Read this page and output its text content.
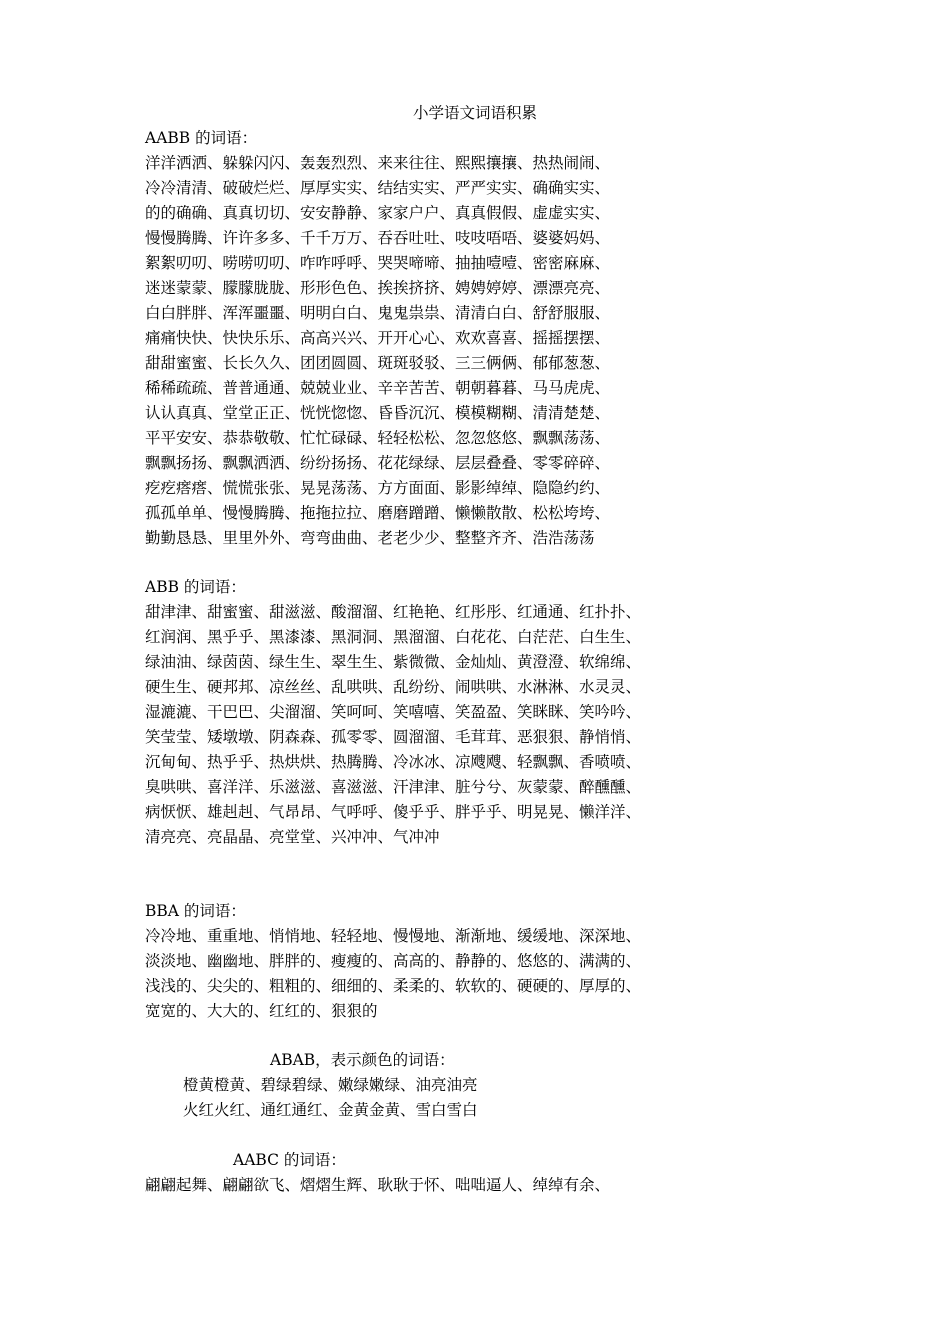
小学语文词语积累
AABB 的词语：
洋洋洒洒、躲躲闪闪、轰轰烈烈、来来往往、熙熙攘攘、热热闹闹、
冷冷清清、破破烂烂、厚厚实实、结结实实、严严实实、确确实实、
的的确确、真真切切、安安静静、家家户户、真真假假、虚虚实实、
慢慢腾腾、许许多多、千千万万、吞吞吐吐、吱吱唔唔、婆婆妈妈、
絮絮叨叨、唠唠叨叨、咋咋呼呼、哭哭啼啼、抽抽噎噎、密密麻麻、
迷迷蒙蒙、朦朦胧胧、形形色色、挨挨挤挤、娉娉婷婷、漂漂亮亮、
白白胖胖、浑浑噩噩、明明白白、鬼鬼祟祟、清清白白、舒舒服服、
痛痛快快、快快乐乐、高高兴兴、开开心心、欢欢喜喜、摇摇摆摆、
甜甜蜜蜜、长长久久、团团圆圆、斑斑驳驳、三三俩俩、郁郁葱葱、
稀稀疏疏、普普通通、兢兢业业、辛辛苦苦、朝朝暮暮、马马虎虎、
认认真真、堂堂正正、恍恍惚惚、昏昏沉沉、模模糊糊、清清楚楚、
平平安安、恭恭敬敬、忙忙碌碌、轻轻松松、忽忽悠悠、飘飘荡荡、
飘飘扬扬、飘飘洒洒、纷纷扬扬、花花绿绿、层层叠叠、零零碎碎、
疙疙瘩瘩、慌慌张张、晃晃荡荡、方方面面、影影绰绰、隐隐约约、
孤孤单单、慢慢腾腾、拖拖拉拉、磨磨蹭蹭、懒懒散散、松松垮垮、
勤勤恳恳、里里外外、弯弯曲曲、老老少少、整整齐齐、浩浩荡荡
ABB 的词语：
甜津津、甜蜜蜜、甜滋滋、酸溜溜、红艳艳、红彤彤、红通通、红扑扑、
红润润、黑乎乎、黑漆漆、黑洞洞、黑溜溜、白花花、白茫茫、白生生、
绿油油、绿茵茵、绿生生、翠生生、紫微微、金灿灿、黄澄澄、软绵绵、
硬生生、硬邦邦、凉丝丝、乱哄哄、乱纷纷、闹哄哄、水淋淋、水灵灵、
湿漉漉、干巴巴、尖溜溜、笑呵呵、笑嘻嘻、笑盈盈、笑眯眯、笑吟吟、
笑莹莹、矮墩墩、阴森森、孤零零、圆溜溜、毛茸茸、恶狠狠、静悄悄、
沉甸甸、热乎乎、热烘烘、热腾腾、冷冰冰、凉飕飕、轻飘飘、香喷喷、
臭哄哄、喜洋洋、乐滋滋、喜滋滋、汗津津、脏兮兮、灰蒙蒙、醉醺醺、
病恹恹、雄赳赳、气昂昂、气呼呼、傻乎乎、胖乎乎、明晃晃、懒洋洋、
清亮亮、亮晶晶、亮堂堂、兴冲冲、气冲冲
BBA 的词语：
冷冷地、重重地、悄悄地、轻轻地、慢慢地、渐渐地、缓缓地、深深地、
淡淡地、幽幽地、胖胖的、瘦瘦的、高高的、静静的、悠悠的、满满的、
浅浅的、尖尖的、粗粗的、细细的、柔柔的、软软的、硬硬的、厚厚的、
宽宽的、大大的、红红的、狠狠的
ABAB，表示颜色的词语：
橙黄橙黄、碧绿碧绿、嫩绿嫩绿、油亮油亮
火红火红、通红通红、金黄金黄、雪白雪白
AABC 的词语：
翩翩起舞、翩翩欲飞、熠熠生辉、耿耿于怀、咄咄逼人、绰绰有余、
